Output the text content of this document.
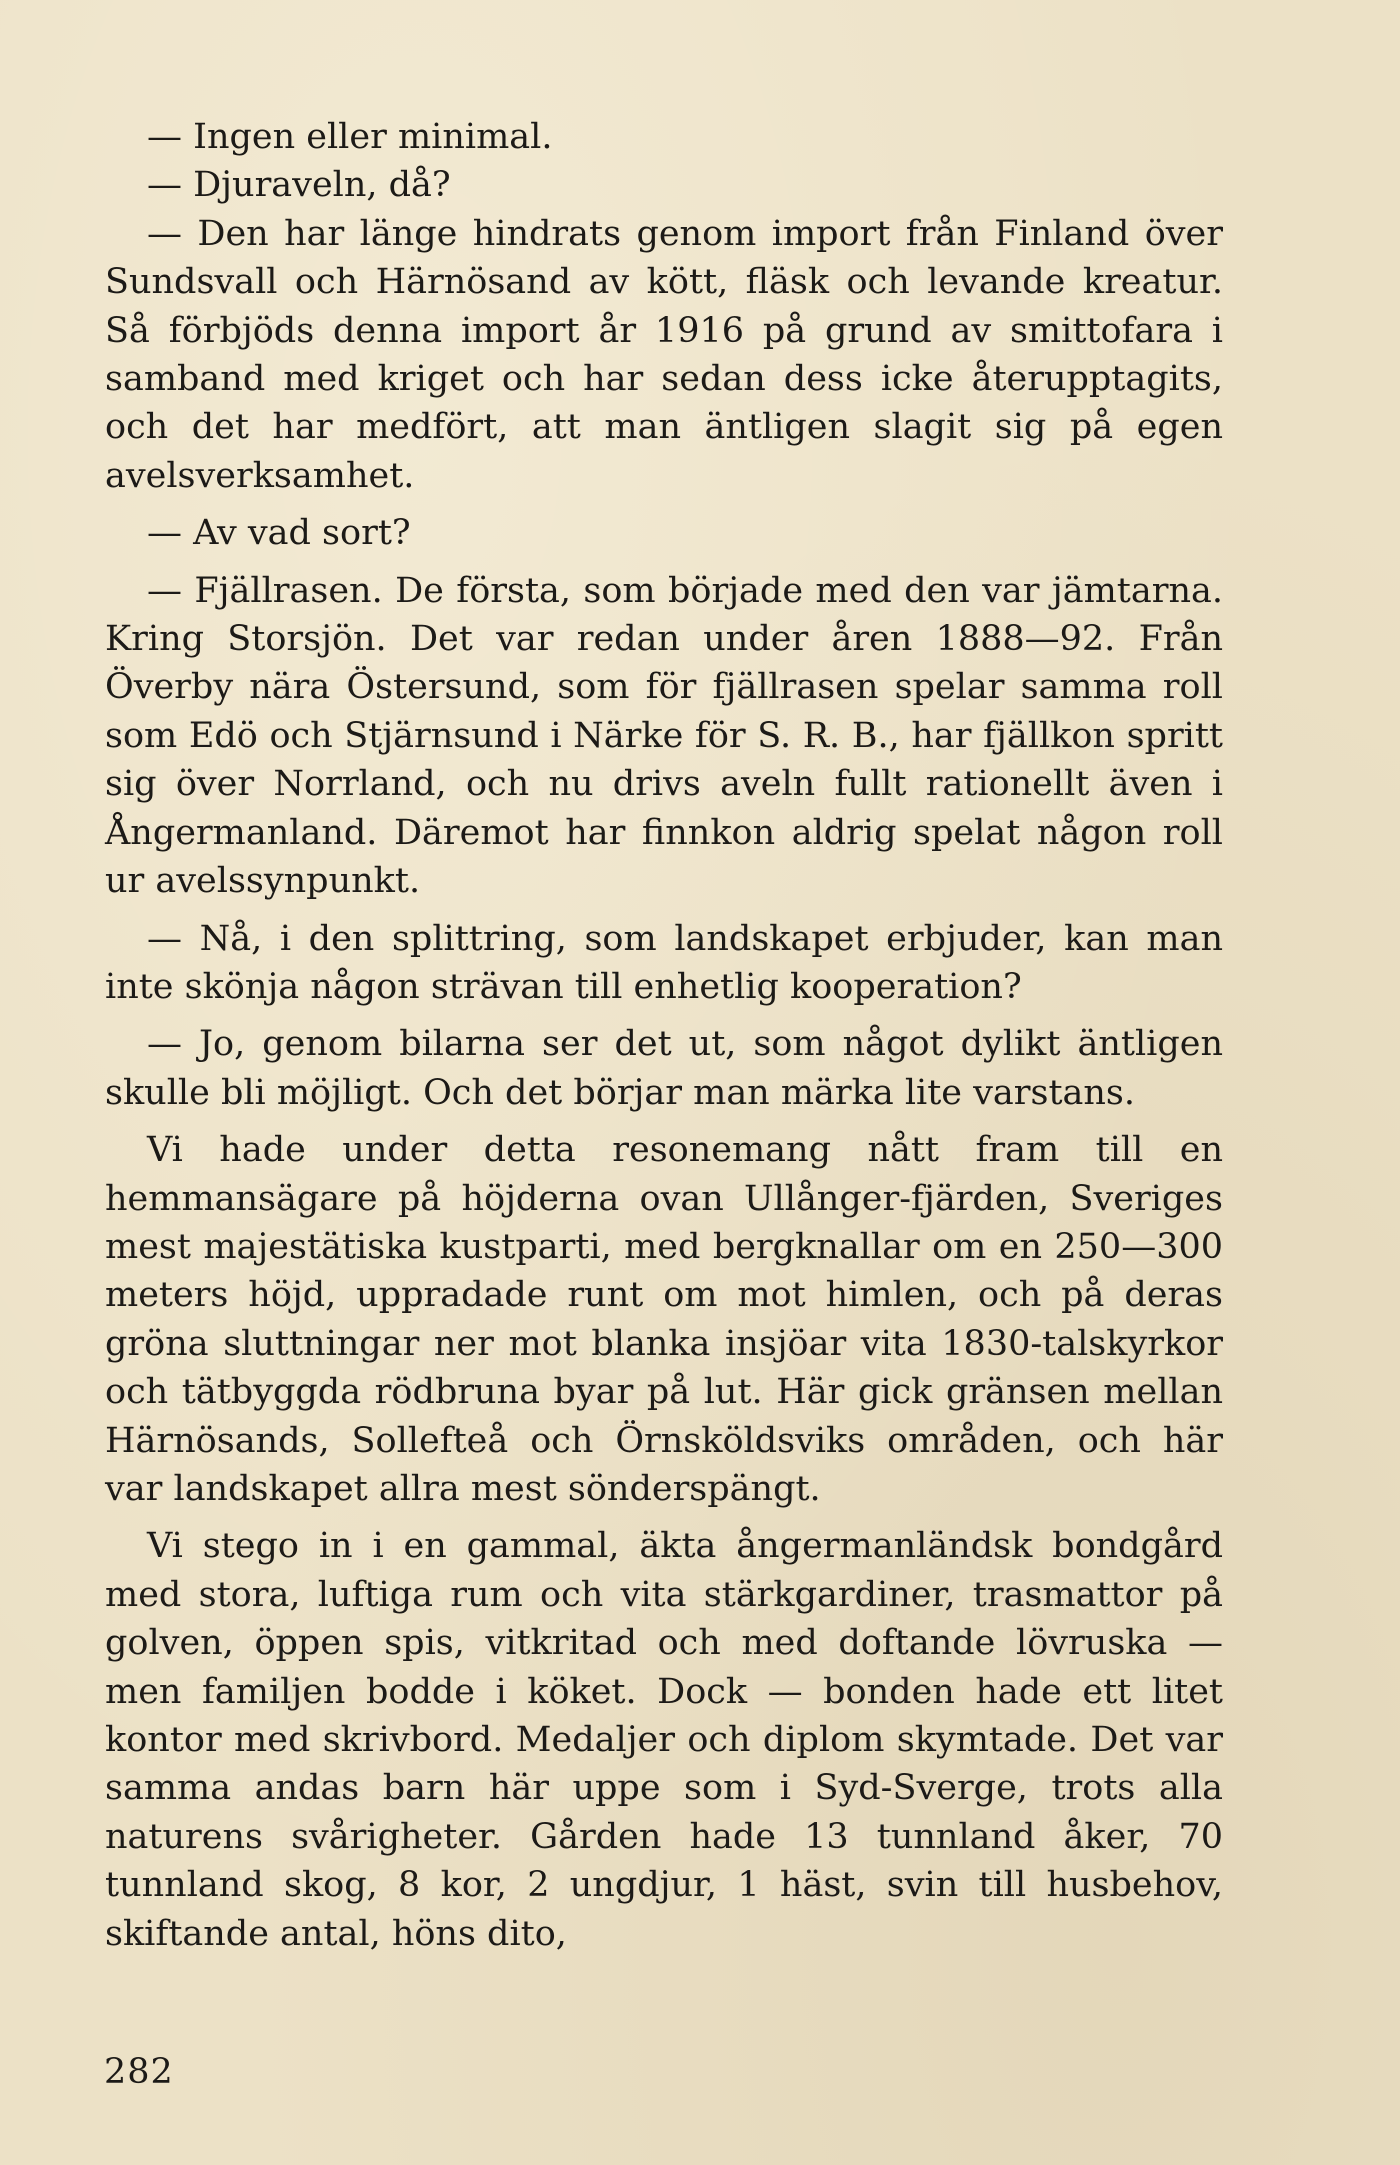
— Ingen eller minimal.

— Djuraveln, då?

— Den har länge hindrats genom import från Finland över Sundsvall och Härnösand av kött, fläsk och levande kreatur. Så förbjöds denna import år 1916 på grund av smittofara i samband med kriget och har sedan dess icke återupptagits, och det har medfört, att man äntligen slagit sig på egen avelsverksamhet.

— Av vad sort?

— Fjällrasen. De första, som började med den var jämtarna. Kring Storsjön. Det var redan under åren 1888—92. Från Överby nära Östersund, som för fjällrasen spelar samma roll som Edö och Stjärnsund i Närke för S. R. B., har fjällkon spritt sig över Norrland, och nu drivs aveln fullt rationellt även i Ångermanland. Däremot har finnkon aldrig spelat någon roll ur avelssynpunkt.

— Nå, i den splittring, som landskapet erbjuder, kan man inte skönja någon strävan till enhetlig kooperation?

— Jo, genom bilarna ser det ut, som något dylikt äntligen skulle bli möjligt. Och det börjar man märka lite varstans.

Vi hade under detta resonemang nått fram till en hemmansägare på höjderna ovan Ullånger-fjärden, Sveriges mest majestätiska kustparti, med bergknallar om en 250—300 meters höjd, uppradade runt om mot himlen, och på deras gröna sluttningar ner mot blanka insjöar vita 1830-talskyrkor och tätbyggda rödbruna byar på lut. Här gick gränsen mellan Härnösands, Sollefteå och Örnsköldsviks områden, och här var landskapet allra mest sönderspängt.

Vi stego in i en gammal, äkta ångermanländsk bondgård med stora, luftiga rum och vita stärkgardiner, trasmattor på golven, öppen spis, vitkritad och med doftande lövruska — men familjen bodde i köket. Dock — bonden hade ett litet kontor med skrivbord. Medaljer och diplom skymtade. Det var samma andas barn här uppe som i Syd-Sverge, trots alla naturens svårigheter. Gården hade 13 tunnland åker, 70 tunnland skog, 8 kor, 2 ungdjur, 1 häst, svin till husbehov, skiftande antal, höns dito,

282
